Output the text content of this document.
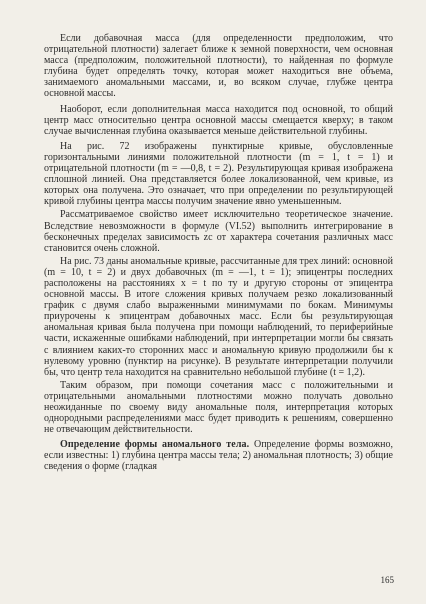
Если добавочная масса (для определенности предположим, что отрицательной плотности) залегает ближе к земной поверхности, чем основная масса (предположим, положительной плотности), то найденная по формуле глубина будет определять точку, которая может находиться вне объема, занимаемого аномальными массами, и, во всяком случае, глубже центра основной массы.

Наоборот, если дополнительная масса находится под основной, то общий центр масс относительно центра основной массы смещается кверху; в таком случае вычисленная глубина оказывается меньше действительной глубины.

На рис. 72 изображены пунктирные кривые, обусловленные горизонтальными линиями положительной плотности (m = 1, t = 1) и отрицательной плотности (m = —0,8, t = 2). Результирующая кривая изображена сплошной линией. Она представляется более локализованной, чем кривые, из которых она получена. Это означает, что при определении по результирующей кривой глубины центра массы получим значение явно уменьшенным.

Рассматриваемое свойство имеет исключительно теоретическое значение. Вследствие невозможности в формуле (VI.52) выполнить интегрирование в бесконечных пределах зависимость zс от характера сочетания различных масс становится очень сложной.

На рис. 73 даны аномальные кривые, рассчитанные для трех линий: основной (m = 10, t = 2) и двух добавочных (m = —1, t = 1); эпицентры последних расположены на расстояниях x = t по ту и другую стороны от эпицентра основной массы. В итоге сложения кривых получаем резко локализованный график с двумя слабо выраженными минимумами по бокам. Минимумы приурочены к эпицентрам добавочных масс. Если бы результирующая аномальная кривая была получена при помощи наблюдений, то периферийные части, искаженные ошибками наблюдений, при интерпретации могли бы связать с влиянием каких-то сторонних масс и аномальную кривую продолжили бы к нулевому уровню (пунктир на рисунке). В результате интерпретации получили бы, что центр тела находится на сравнительно небольшой глубине (t = 1,2).

Таким образом, при помощи сочетания масс с положительными и отрицательными аномальными плотностями можно получать довольно неожиданные по своему виду аномальные поля, интерпретация которых однородными распределениями масс будет приводить к решениям, совершенно не отвечающим действительности.

Определение формы аномального тела. Определение формы возможно, если известны: 1) глубина центра массы тела; 2) аномальная плотность; 3) общие сведения о форме (гладкая

165
